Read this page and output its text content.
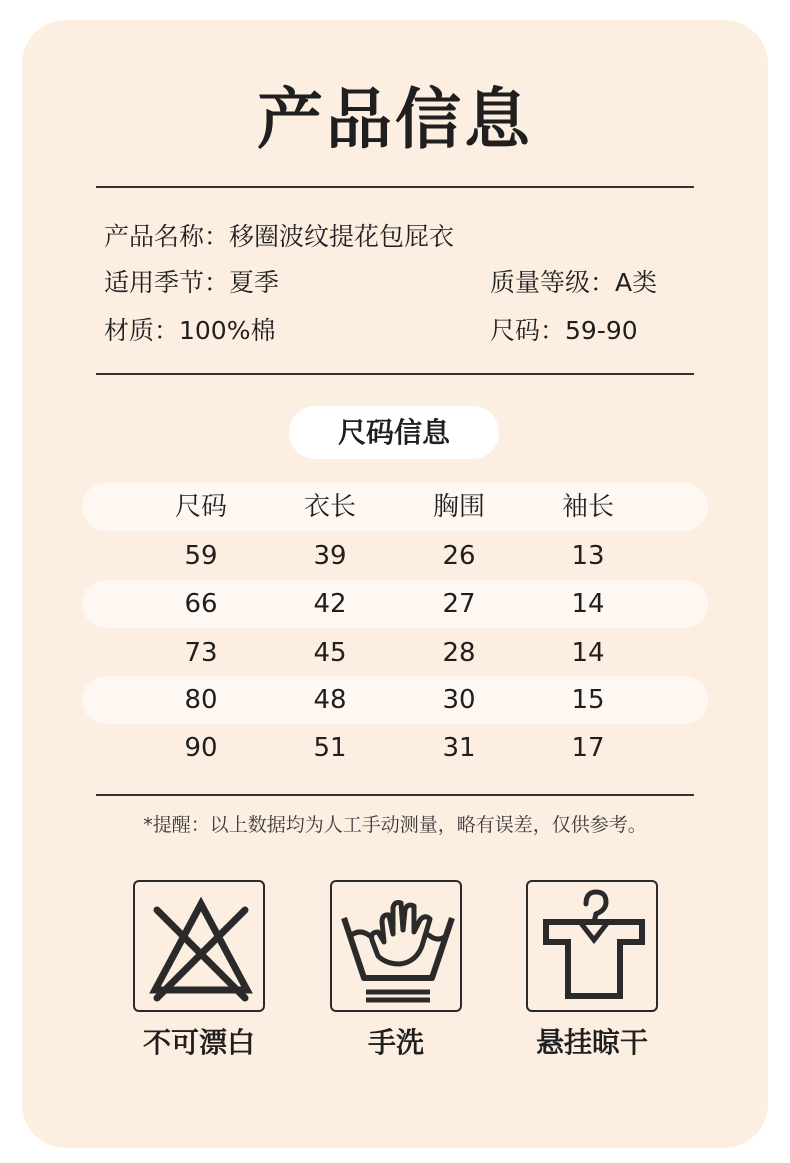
产品信息
产品名称：移圈波纹提花包屁衣
适用季节：夏季	质量等级：A类
材质：100%棉	尺码：59-90
尺码信息
尺码	衣长	胸围	袖长
59	39	26	13
66	42	27	14
73	45	28	14
80	48	30	15
90	51	31	17
*提醒：以上数据均为人工手动测量，略有误差，仅供参考。
不可漂白	手洗	悬挂晾干
